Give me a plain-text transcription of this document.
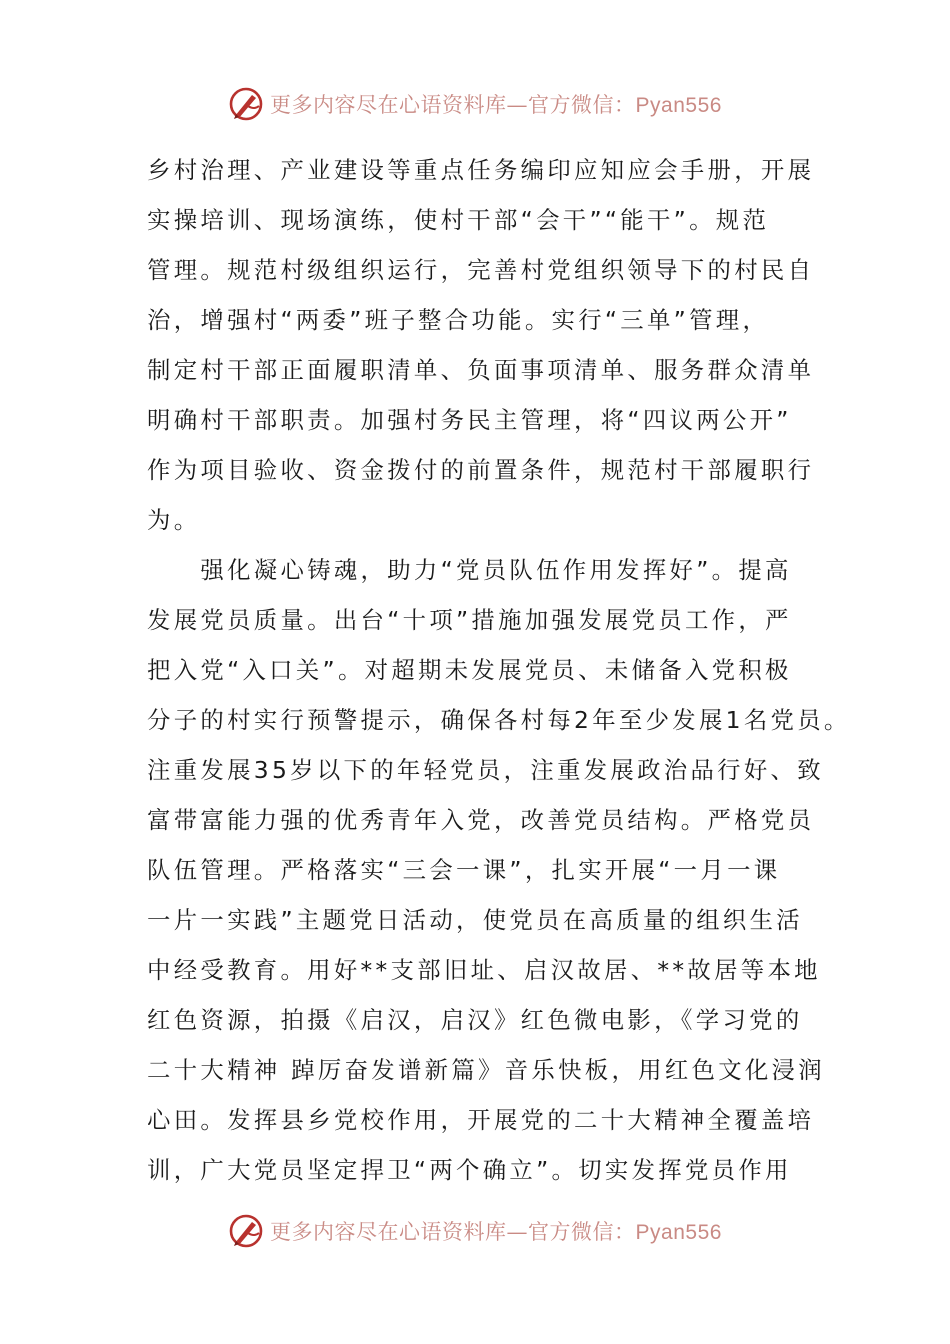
更多内容尽在心语资料库—官方微信：Pyan556
乡村治理、产业建设等重点任务编印应知应会手册，开展
实操培训、现场演练，使村干部“会干”“能干”。规范
管理。规范村级组织运行，完善村党组织领导下的村民自
治，增强村“两委”班子整合功能。实行“三单”管理，
制定村干部正面履职清单、负面事项清单、服务群众清单
明确村干部职责。加强村务民主管理，将“四议两公开”
作为项目验收、资金拨付的前置条件，规范村干部履职行
为。
　　强化凝心铸魂，助力“党员队伍作用发挥好”。提高
发展党员质量。出台“十项”措施加强发展党员工作，严
把入党“入口关”。对超期未发展党员、未储备入党积极
分子的村实行预警提示，确保各村每2年至少发展1名党员。
注重发展35岁以下的年轻党员，注重发展政治品行好、致
富带富能力强的优秀青年入党，改善党员结构。严格党员
队伍管理。严格落实“三会一课”，扎实开展“一月一课
一片一实践”主题党日活动，使党员在高质量的组织生活
中经受教育。用好**支部旧址、启汉故居、**故居等本地
红色资源，拍摄《启汉，启汉》红色微电影，《学习党的
二十大精神 踔厉奋发谱新篇》音乐快板，用红色文化浸润
心田。发挥县乡党校作用，开展党的二十大精神全覆盖培
训，广大党员坚定捍卫“两个确立”。切实发挥党员作用
更多内容尽在心语资料库—官方微信：Pyan556
